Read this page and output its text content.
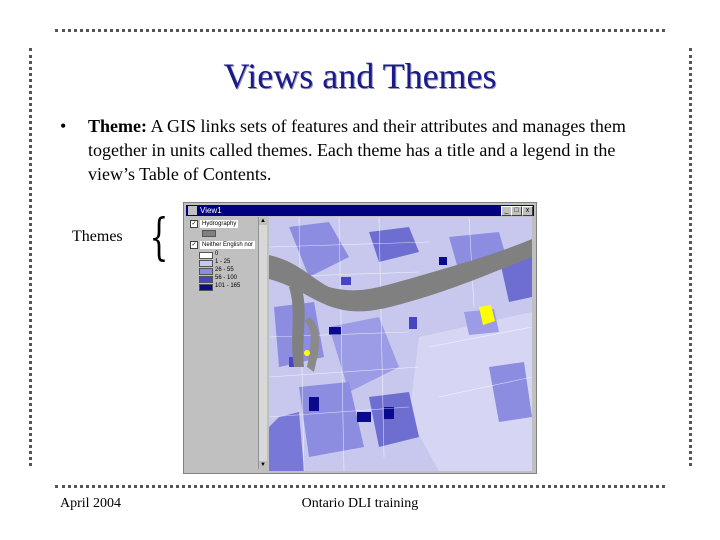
Views and Themes
• Theme: A GIS links sets of features and their attributes and manages them together in units called themes. Each theme has a title and a legend in the view’s Table of Contents.
Themes {	View1	_ □	x
✓ Hydrography
✓ Neither English nor
0
1 - 25
26 - 55
56 - 100
101 - 165
▲
▼
April 2004	Ontario DLI training
